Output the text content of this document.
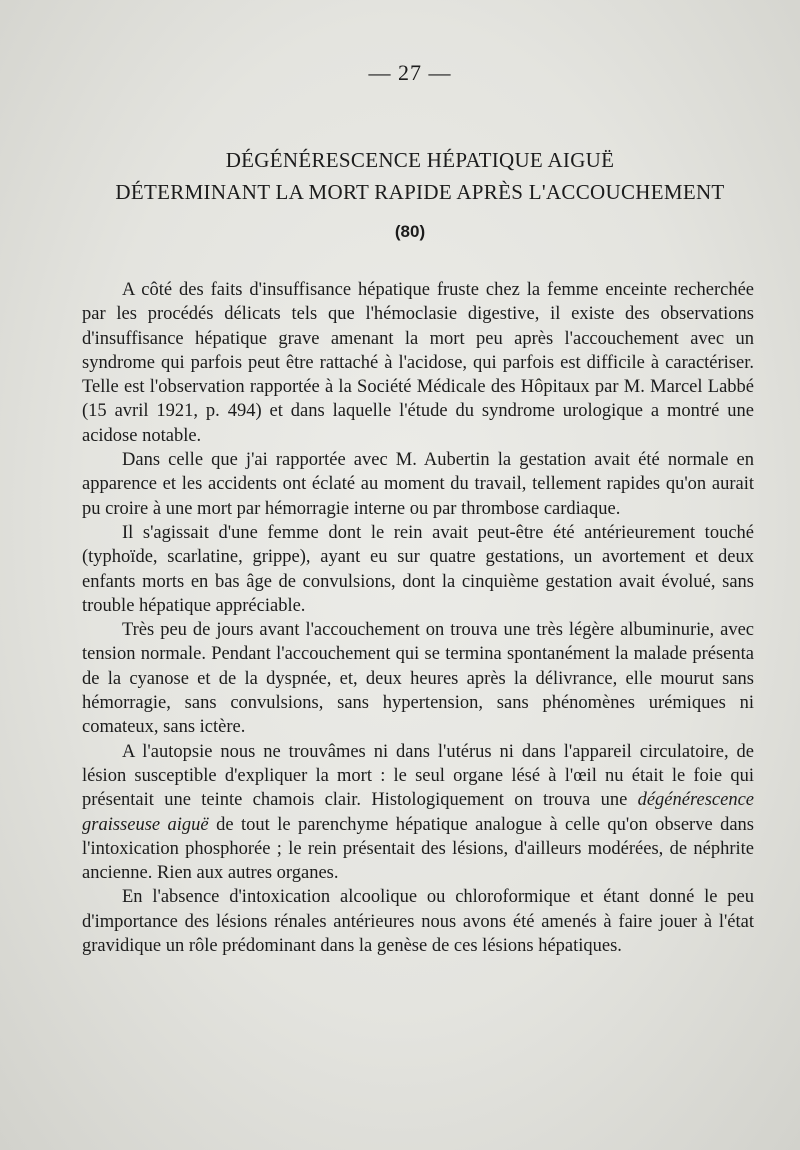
— 27 —
DÉGÉNÉRESCENCE HÉPATIQUE AIGUË
DÉTERMINANT LA MORT RAPIDE APRÈS L'ACCOUCHEMENT
(80)

A côté des faits d'insuffisance hépatique fruste chez la femme enceinte recherchée par les procédés délicats tels que l'hémoclasie digestive, il existe des observations d'insuffisance hépatique grave amenant la mort peu après l'accouchement avec un syndrome qui parfois peut être rattaché à l'acidose, qui parfois est difficile à caractériser. Telle est l'observation rapportée à la Société Médicale des Hôpitaux par M. Marcel Labbé (15 avril 1921, p. 494) et dans laquelle l'étude du syndrome urologique a montré une acidose notable.

Dans celle que j'ai rapportée avec M. Aubertin la gestation avait été normale en apparence et les accidents ont éclaté au moment du travail, tellement rapides qu'on aurait pu croire à une mort par hémorragie interne ou par thrombose cardiaque.

Il s'agissait d'une femme dont le rein avait peut-être été antérieurement touché (typhoïde, scarlatine, grippe), ayant eu sur quatre gestations, un avortement et deux enfants morts en bas âge de convulsions, dont la cinquième gestation avait évolué, sans trouble hépatique appréciable.

Très peu de jours avant l'accouchement on trouva une très légère albuminurie, avec tension normale. Pendant l'accouchement qui se termina spontanément la malade présenta de la cyanose et de la dyspnée, et, deux heures après la délivrance, elle mourut sans hémorragie, sans convulsions, sans hypertension, sans phénomènes urémiques ni comateux, sans ictère.

A l'autopsie nous ne trouvâmes ni dans l'utérus ni dans l'appareil circulatoire, de lésion susceptible d'expliquer la mort : le seul organe lésé à l'œil nu était le foie qui présentait une teinte chamois clair. Histologiquement on trouva une dégénérescence graisseuse aiguë de tout le parenchyme hépatique analogue à celle qu'on observe dans l'intoxication phosphorée ; le rein présentait des lésions, d'ailleurs modérées, de néphrite ancienne. Rien aux autres organes.

En l'absence d'intoxication alcoolique ou chloroformique et étant donné le peu d'importance des lésions rénales antérieures nous avons été amenés à faire jouer à l'état gravidique un rôle prédominant dans la genèse de ces lésions hépatiques.
